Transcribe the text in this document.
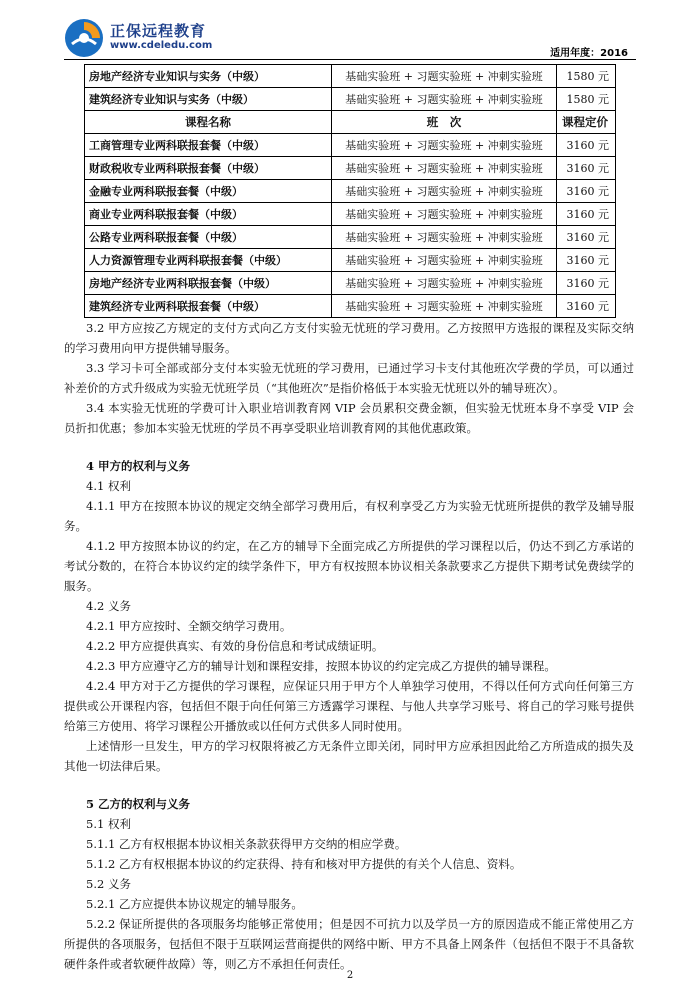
正保远程教育
www.cdeledu.com
适用年度：2016
房地产经济专业知识与实务（中级）	基础实验班 + 习题实验班 + 冲刺实验班	1580 元
建筑经济专业知识与实务（中级）	基础实验班 + 习题实验班 + 冲刺实验班	1580 元
课程名称	班　次	课程定价
工商管理专业两科联报套餐（中级）	基础实验班 + 习题实验班 + 冲刺实验班	3160 元
财政税收专业两科联报套餐（中级）	基础实验班 + 习题实验班 + 冲刺实验班	3160 元
金融专业两科联报套餐（中级）	基础实验班 + 习题实验班 + 冲刺实验班	3160 元
商业专业两科联报套餐（中级）	基础实验班 + 习题实验班 + 冲刺实验班	3160 元
公路专业两科联报套餐（中级）	基础实验班 + 习题实验班 + 冲刺实验班	3160 元
人力资源管理专业两科联报套餐（中级）	基础实验班 + 习题实验班 + 冲刺实验班	3160 元
房地产经济专业两科联报套餐（中级）	基础实验班 + 习题实验班 + 冲刺实验班	3160 元
建筑经济专业两科联报套餐（中级）	基础实验班 + 习题实验班 + 冲刺实验班	3160 元

3.2 甲方应按乙方规定的支付方式向乙方支付实验无忧班的学习费用。乙方按照甲方选报的课程及实际交纳的学习费用向甲方提供辅导服务。

3.3 学习卡可全部或部分支付本实验无忧班的学习费用，已通过学习卡支付其他班次学费的学员，可以通过补差价的方式升级成为实验无忧班学员（“其他班次”是指价格低于本实验无忧班以外的辅导班次）。

3.4 本实验无忧班的学费可计入职业培训教育网 VIP 会员累积交费金额，但实验无忧班本身不享受 VIP 会员折扣优惠；参加本实验无忧班的学员不再享受职业培训教育网的其他优惠政策。

4 甲方的权利与义务

4.1 权利

4.1.1 甲方在按照本协议的规定交纳全部学习费用后，有权利享受乙方为实验无忧班所提供的教学及辅导服务。

4.1.2 甲方按照本协议的约定，在乙方的辅导下全面完成乙方所提供的学习课程以后，仍达不到乙方承诺的考试分数的，在符合本协议约定的续学条件下，甲方有权按照本协议相关条款要求乙方提供下期考试免费续学的服务。

4.2 义务

4.2.1 甲方应按时、全额交纳学习费用。

4.2.2 甲方应提供真实、有效的身份信息和考试成绩证明。

4.2.3 甲方应遵守乙方的辅导计划和课程安排，按照本协议的约定完成乙方提供的辅导课程。

4.2.4 甲方对于乙方提供的学习课程，应保证只用于甲方个人单独学习使用，不得以任何方式向任何第三方提供或公开课程内容，包括但不限于向任何第三方透露学习课程、与他人共享学习账号、将自己的学习账号提供给第三方使用、将学习课程公开播放或以任何方式供多人同时使用。

上述情形一旦发生，甲方的学习权限将被乙方无条件立即关闭，同时甲方应承担因此给乙方所造成的损失及其他一切法律后果。

5 乙方的权利与义务

5.1 权利

5.1.1 乙方有权根据本协议相关条款获得甲方交纳的相应学费。

5.1.2 乙方有权根据本协议的约定获得、持有和核对甲方提供的有关个人信息、资料。

5.2 义务

5.2.1 乙方应提供本协议规定的辅导服务。

5.2.2 保证所提供的各项服务均能够正常使用；但是因不可抗力以及学员一方的原因造成不能正常使用乙方所提供的各项服务，包括但不限于互联网运营商提供的网络中断、甲方不具备上网条件（包括但不限于不具备软硬件条件或者软硬件故障）等，则乙方不承担任何责任。

2
